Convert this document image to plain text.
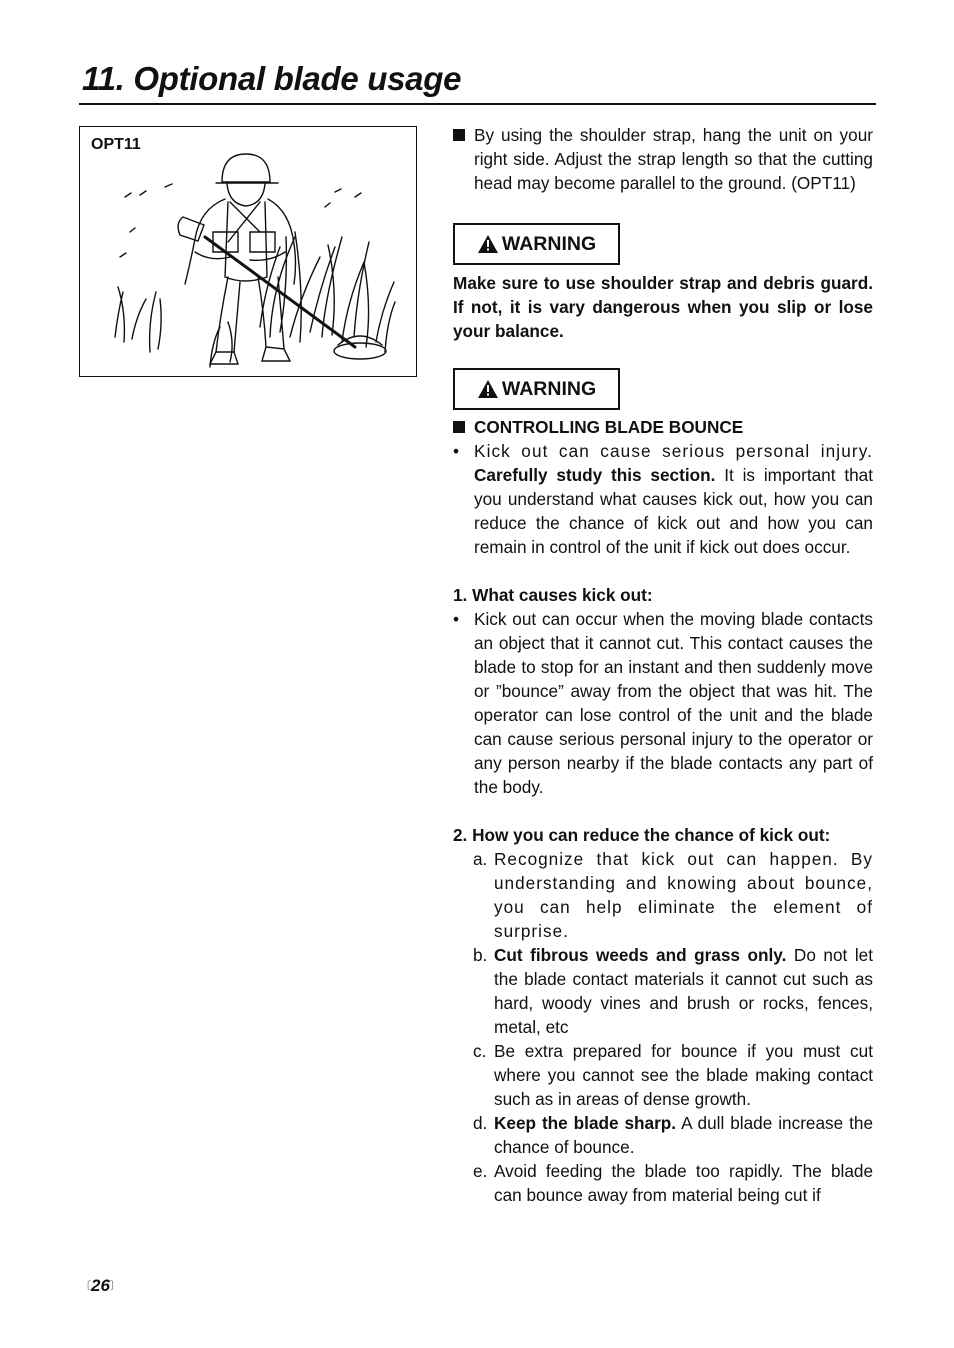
11. Optional blade usage
OPT11	By using the shoulder strap, hang the unit on your right side. Adjust the strap length so that the cutting head may become parallel to the ground. (OPT11)

WARNING

Make sure to use shoulder strap and debris guard. If not, it is vary dangerous when you slip or lose your balance.

WARNING

CONTROLLING BLADE BOUNCE

• Kick out can cause serious personal injury. Carefully study this section. It is important that you understand what causes kick out, how you can reduce the chance of kick out and how you can remain in control of the unit if kick out does occur.

1. What causes kick out:

• Kick out can occur when the moving blade contacts an object that it cannot cut. This contact causes the blade to stop for an instant and then suddenly move or ”bounce” away from the object that was hit. The operator can lose control of the unit and the blade can cause serious personal injury to the operator or any person nearby if the blade contacts any part of the body.

2. How you can reduce the chance of kick out:

a. Recognize that kick out can happen. By understanding and knowing about bounce, you can help eliminate the element of surprise.

b. Cut fibrous weeds and grass only. Do not let the blade contact materials it cannot cut such as hard, woody vines and brush or rocks, fences, metal, etc

c. Be extra prepared for bounce if you must cut where you cannot see the blade making contact such as in areas of dense growth.

d. Keep the blade sharp. A dull blade increase the chance of bounce.

e. Avoid feeding the blade too rapidly. The blade can bounce away from material being cut if

〔26〕
